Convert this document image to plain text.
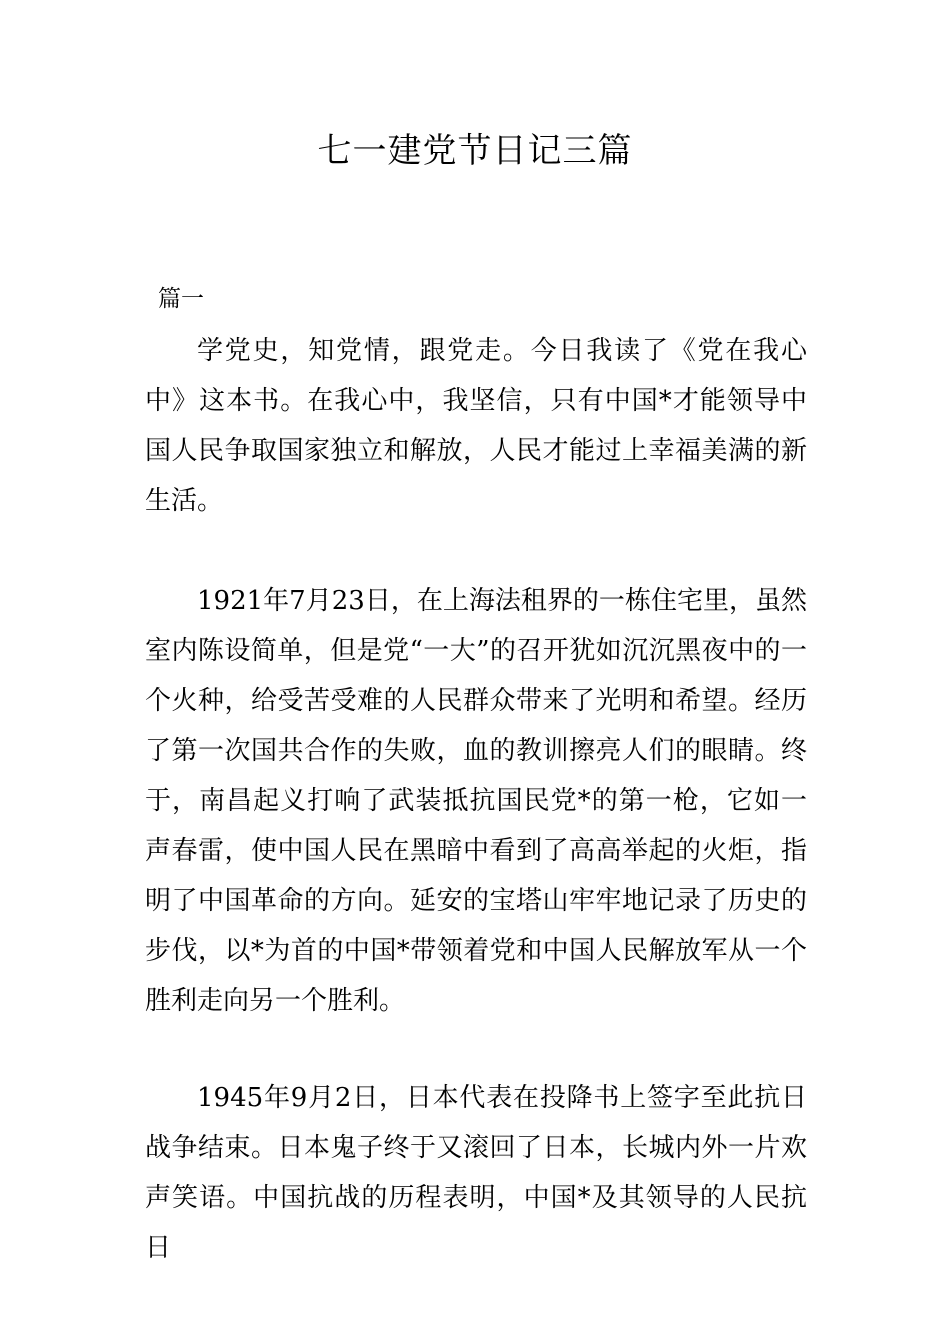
七一建党节日记三篇

篇一

学党史，知党情，跟党走。今日我读了《党在我心中》这本书。在我心中，我坚信，只有中国*才能领导中国人民争取国家独立和解放，人民才能过上幸福美满的新生活。

1921年7月23日，在上海法租界的一栋住宅里，虽然室内陈设简单，但是党“一大”的召开犹如沉沉黑夜中的一个火种，给受苦受难的人民群众带来了光明和希望。经历了第一次国共合作的失败，血的教训擦亮人们的眼睛。终于，南昌起义打响了武装抵抗国民党*的第一枪，它如一声春雷，使中国人民在黑暗中看到了高高举起的火炬，指明了中国革命的方向。延安的宝塔山牢牢地记录了历史的步伐，以*为首的中国*带领着党和中国人民解放军从一个胜利走向另一个胜利。

1945年9月2日，日本代表在投降书上签字至此抗日战争结束。日本鬼子终于又滚回了日本，长城内外一片欢声笑语。中国抗战的历程表明，中国*及其领导的人民抗日
